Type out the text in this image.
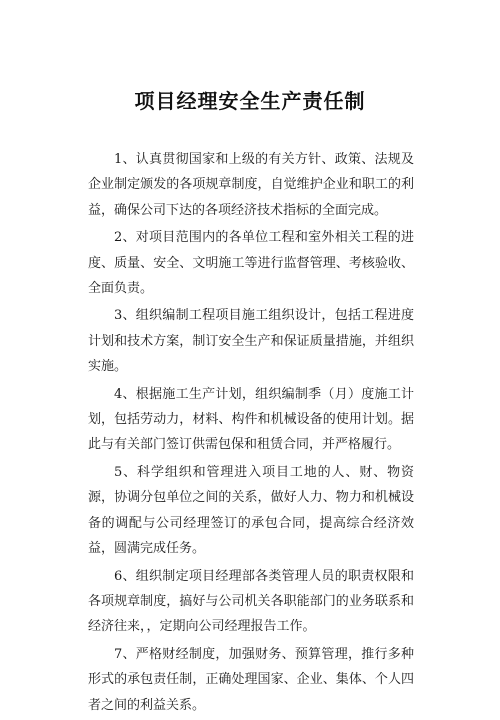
项目经理安全生产责任制

1、认真贯彻国家和上级的有关方针、政策、法规及企业制定颁发的各项规章制度，自觉维护企业和职工的利益，确保公司下达的各项经济技术指标的全面完成。

2、对项目范围内的各单位工程和室外相关工程的进度、质量、安全、文明施工等进行监督管理、考核验收、全面负责。

3、组织编制工程项目施工组织设计，包括工程进度计划和技术方案，制订安全生产和保证质量措施，并组织实施。

4、根据施工生产计划，组织编制季（月）度施工计划，包括劳动力，材料、构件和机械设备的使用计划。据此与有关部门签订供需包保和租赁合同，并严格履行。

5、科学组织和管理进入项目工地的人、财、物资源，协调分包单位之间的关系，做好人力、物力和机械设备的调配与公司经理签订的承包合同，提高综合经济效益，圆满完成任务。

6、组织制定项目经理部各类管理人员的职责权限和各项规章制度，搞好与公司机关各职能部门的业务联系和经济往来，，定期向公司经理报告工作。

7、严格财经制度，加强财务、预算管理，推行多种形式的承包责任制，正确处理国家、企业、集体、个人四者之间的利益关系。
